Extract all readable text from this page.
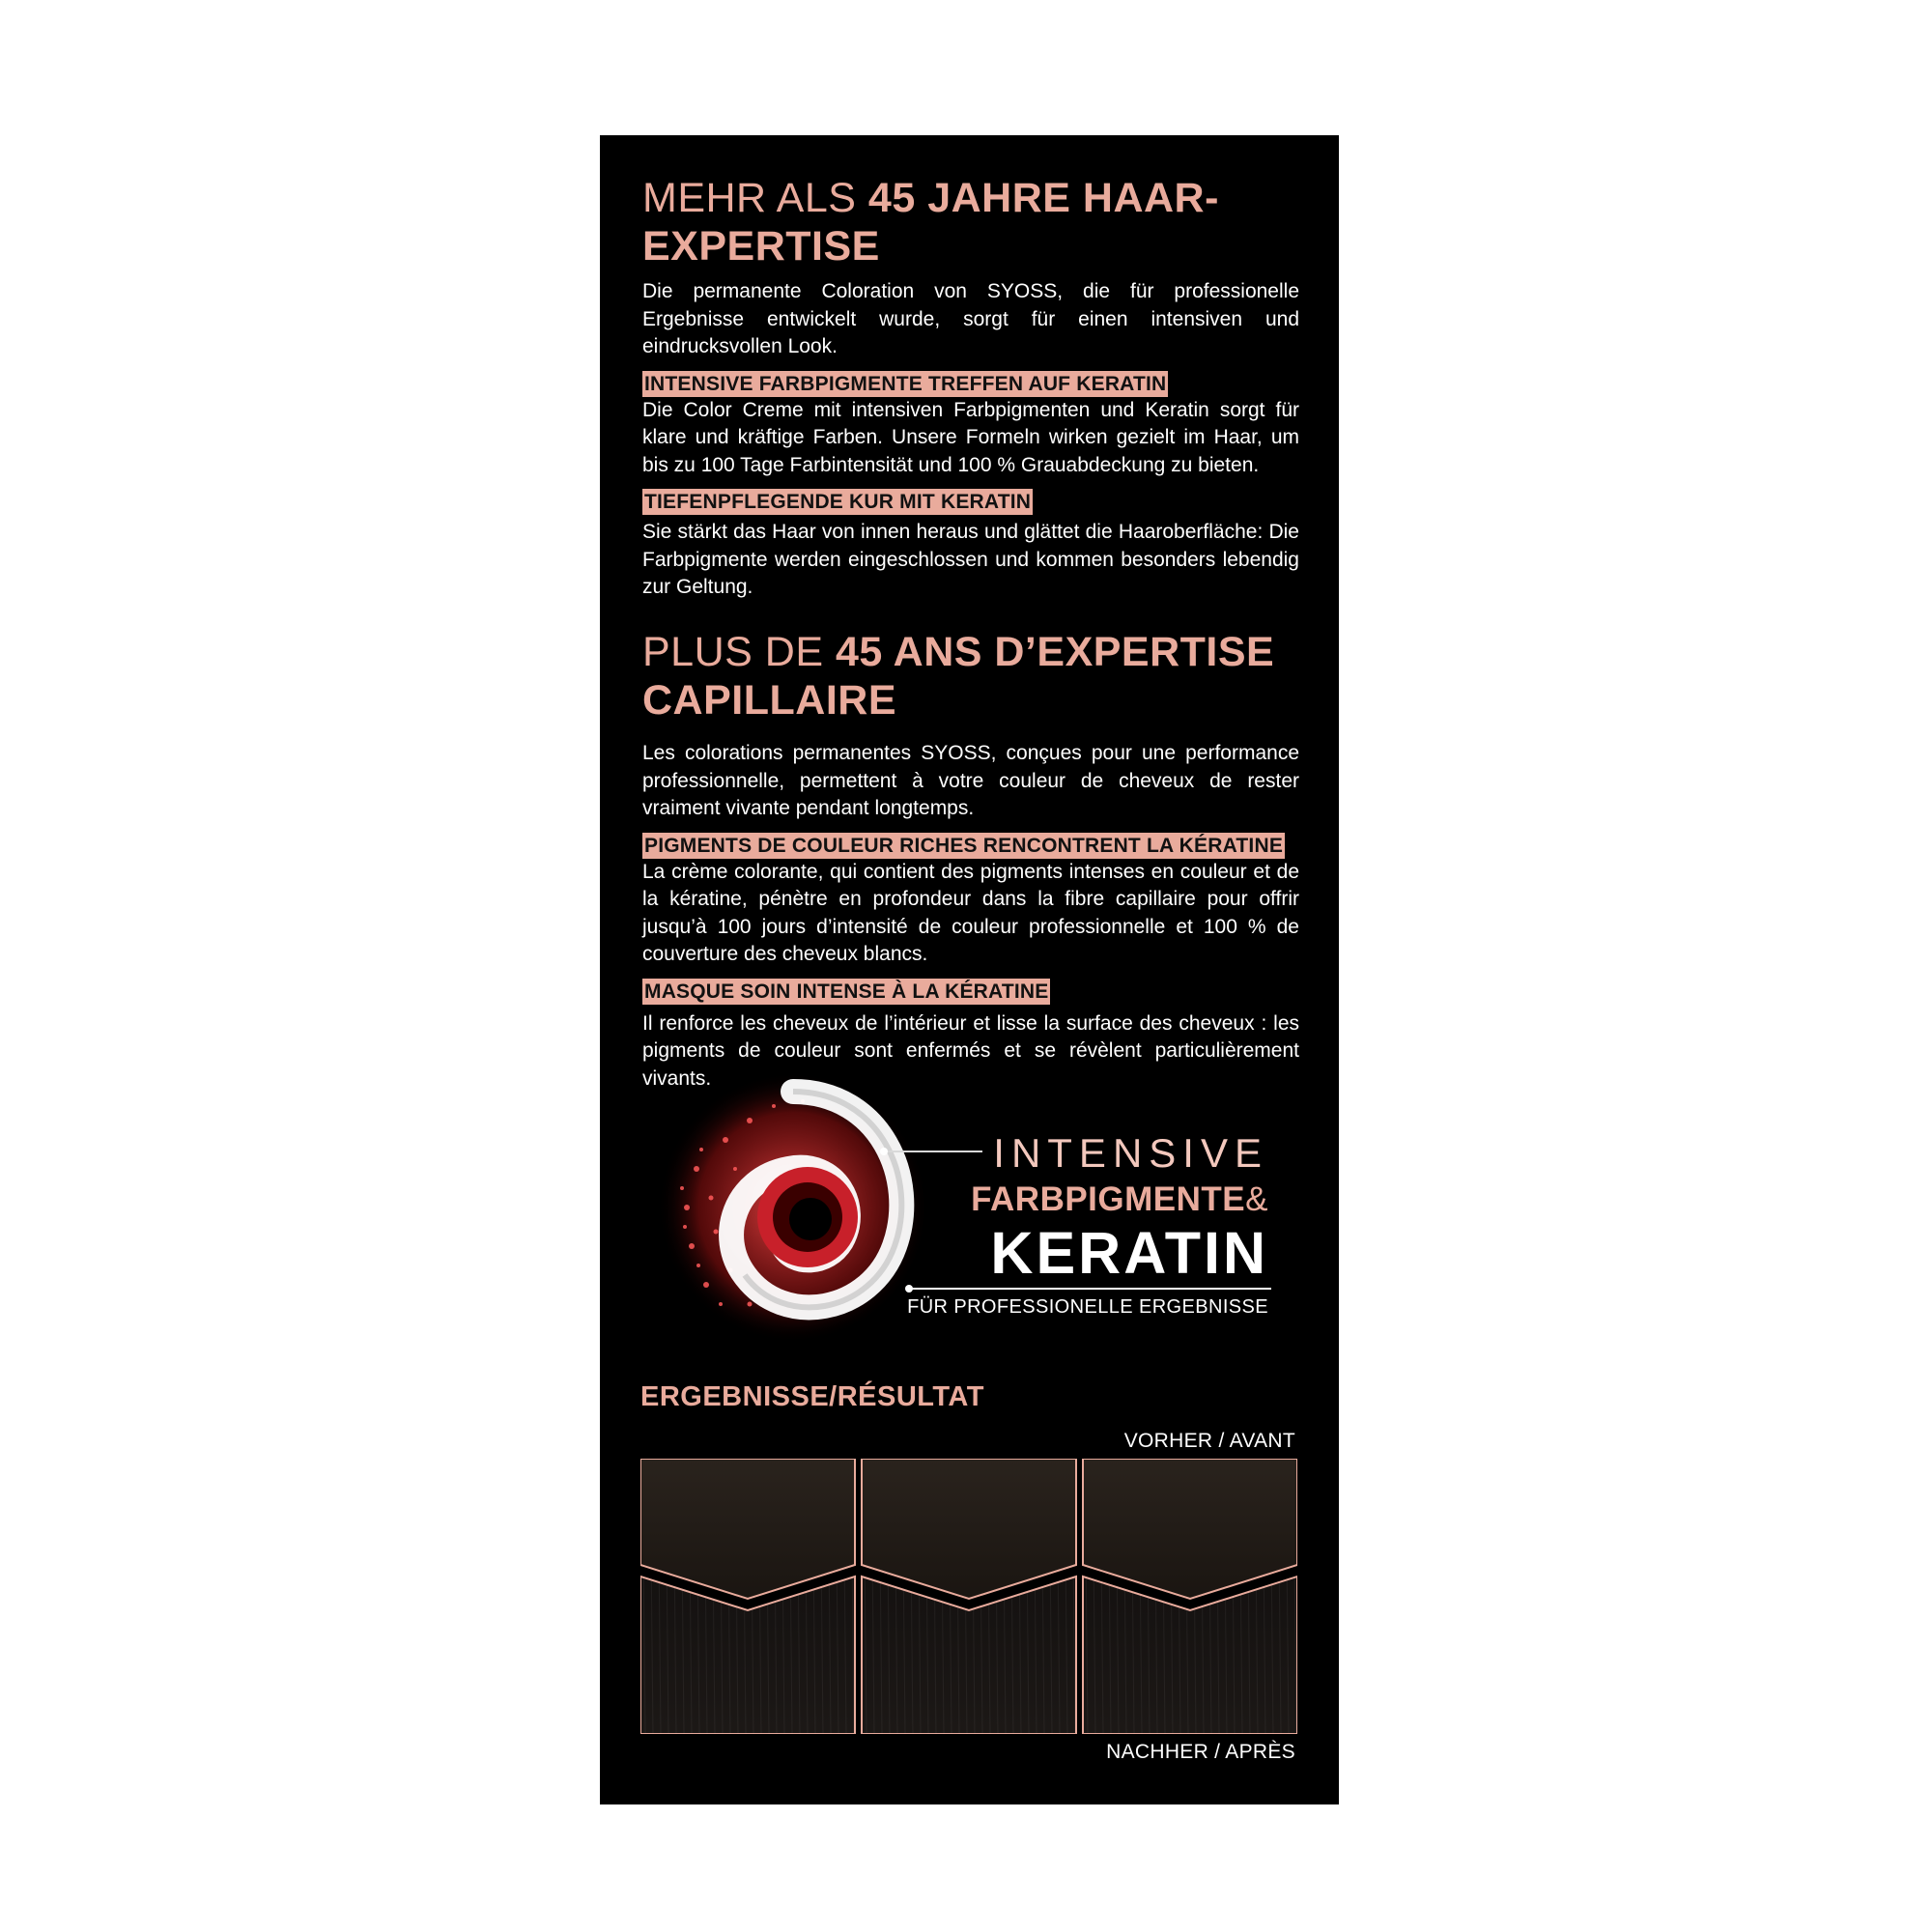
MEHR ALS 45 JAHRE HAAR-EXPERTISE

Die permanente Coloration von SYOSS, die für professionelle Ergebnisse entwickelt wurde, sorgt für einen intensiven und eindrucksvollen Look.

INTENSIVE FARBPIGMENTE TREFFEN AUF KERATIN

Die Color Creme mit intensiven Farbpigmenten und Keratin sorgt für klare und kräftige Farben. Unsere Formeln wirken gezielt im Haar, um bis zu 100 Tage Farbintensität und 100 % Grauabdeckung zu bieten.

TIEFENPFLEGENDE KUR MIT KERATIN

Sie stärkt das Haar von innen heraus und glättet die Haaroberfläche: Die Farbpigmente werden eingeschlossen und kommen besonders lebendig zur Geltung.

PLUS DE 45 ANS D’EXPERTISE CAPILLAIRE

Les colorations permanentes SYOSS, conçues pour une performance professionnelle, permettent à votre couleur de cheveux de rester vraiment vivante pendant longtemps.

PIGMENTS DE COULEUR RICHES RENCONTRENT LA KÉRATINE

La crème colorante, qui contient des pigments intenses en couleur et de la kératine, pénètre en profondeur dans la fibre capillaire pour offrir jusqu’à 100 jours d’intensité de couleur professionnelle et 100 % de couverture des cheveux blancs.

MASQUE SOIN INTENSE À LA KÉRATINE

Il renforce les cheveux de l’intérieur et lisse la surface des cheveux : les pigments de couleur sont enfermés et se révèlent particulièrement vivants.

INTENSIVE
FARBPIGMENTE&
KERATIN
FÜR PROFESSIONELLE ERGEBNISSE
ERGEBNISSE/RÉSULTAT
VORHER / AVANT
NACHHER / APRÈS
